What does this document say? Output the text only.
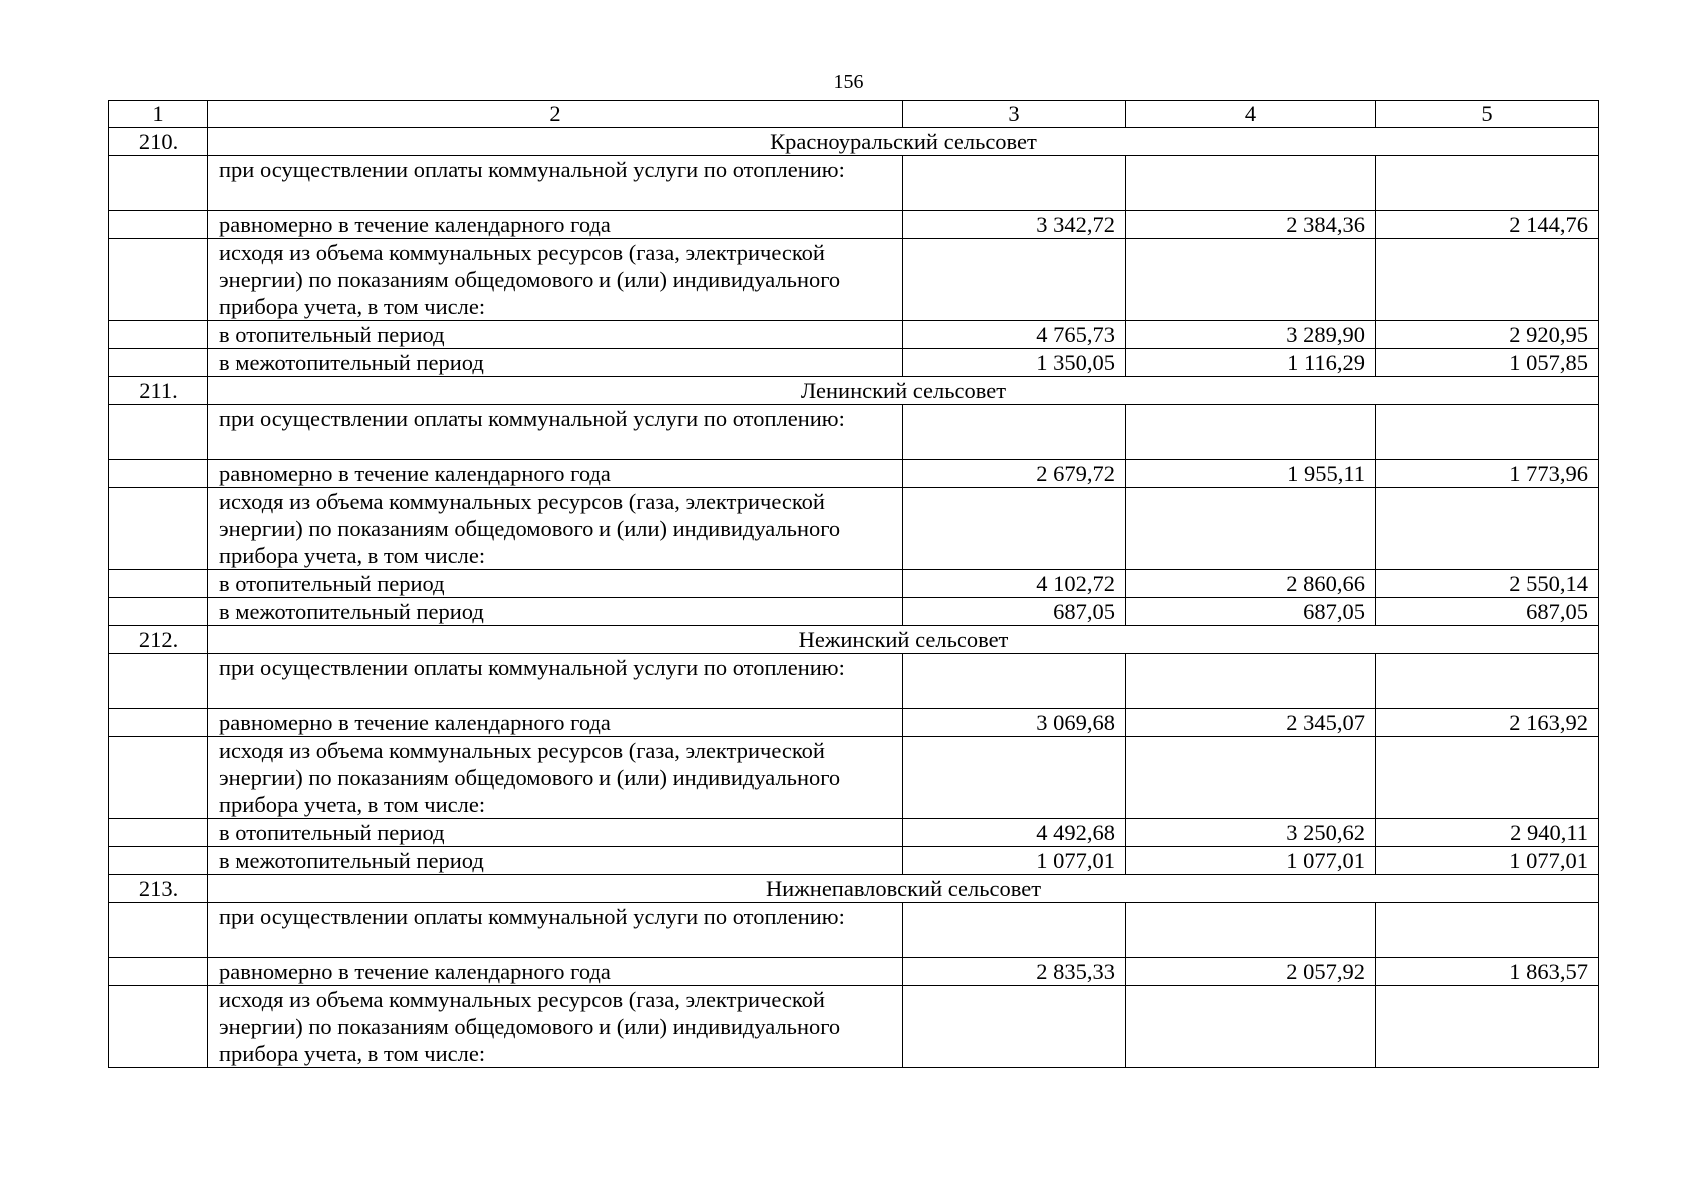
156
1	2	3	4	5
210.	Красноуральский сельсовет			
	при осуществлении оплаты коммунальной услуги по отоплению:			
	равномерно в течение календарного года	3 342,72	2 384,36	2 144,76
	исходя из объема коммунальных ресурсов (газа, электрической энергии) по показаниям общедомового и (или) индивидуального прибора учета, в том числе:			
	в отопительный период	4 765,73	3 289,90	2 920,95
	в межотопительный период	1 350,05	1 116,29	1 057,85
211.	Ленинский сельсовет			
	при осуществлении оплаты коммунальной услуги по отоплению:			
	равномерно в течение календарного года	2 679,72	1 955,11	1 773,96
	исходя из объема коммунальных ресурсов (газа, электрической энергии) по показаниям общедомового и (или) индивидуального прибора учета, в том числе:			
	в отопительный период	4 102,72	2 860,66	2 550,14
	в межотопительный период	687,05	687,05	687,05
212.	Нежинский сельсовет			
	при осуществлении оплаты коммунальной услуги по отоплению:			
	равномерно в течение календарного года	3 069,68	2 345,07	2 163,92
	исходя из объема коммунальных ресурсов (газа, электрической энергии) по показаниям общедомового и (или) индивидуального прибора учета, в том числе:			
	в отопительный период	4 492,68	3 250,62	2 940,11
	в межотопительный период	1 077,01	1 077,01	1 077,01
213.	Нижнепавловский сельсовет			
	при осуществлении оплаты коммунальной услуги по отоплению:			
	равномерно в течение календарного года	2 835,33	2 057,92	1 863,57
	исходя из объема коммунальных ресурсов (газа, электрической энергии) по показаниям общедомового и (или) индивидуального прибора учета, в том числе:			
